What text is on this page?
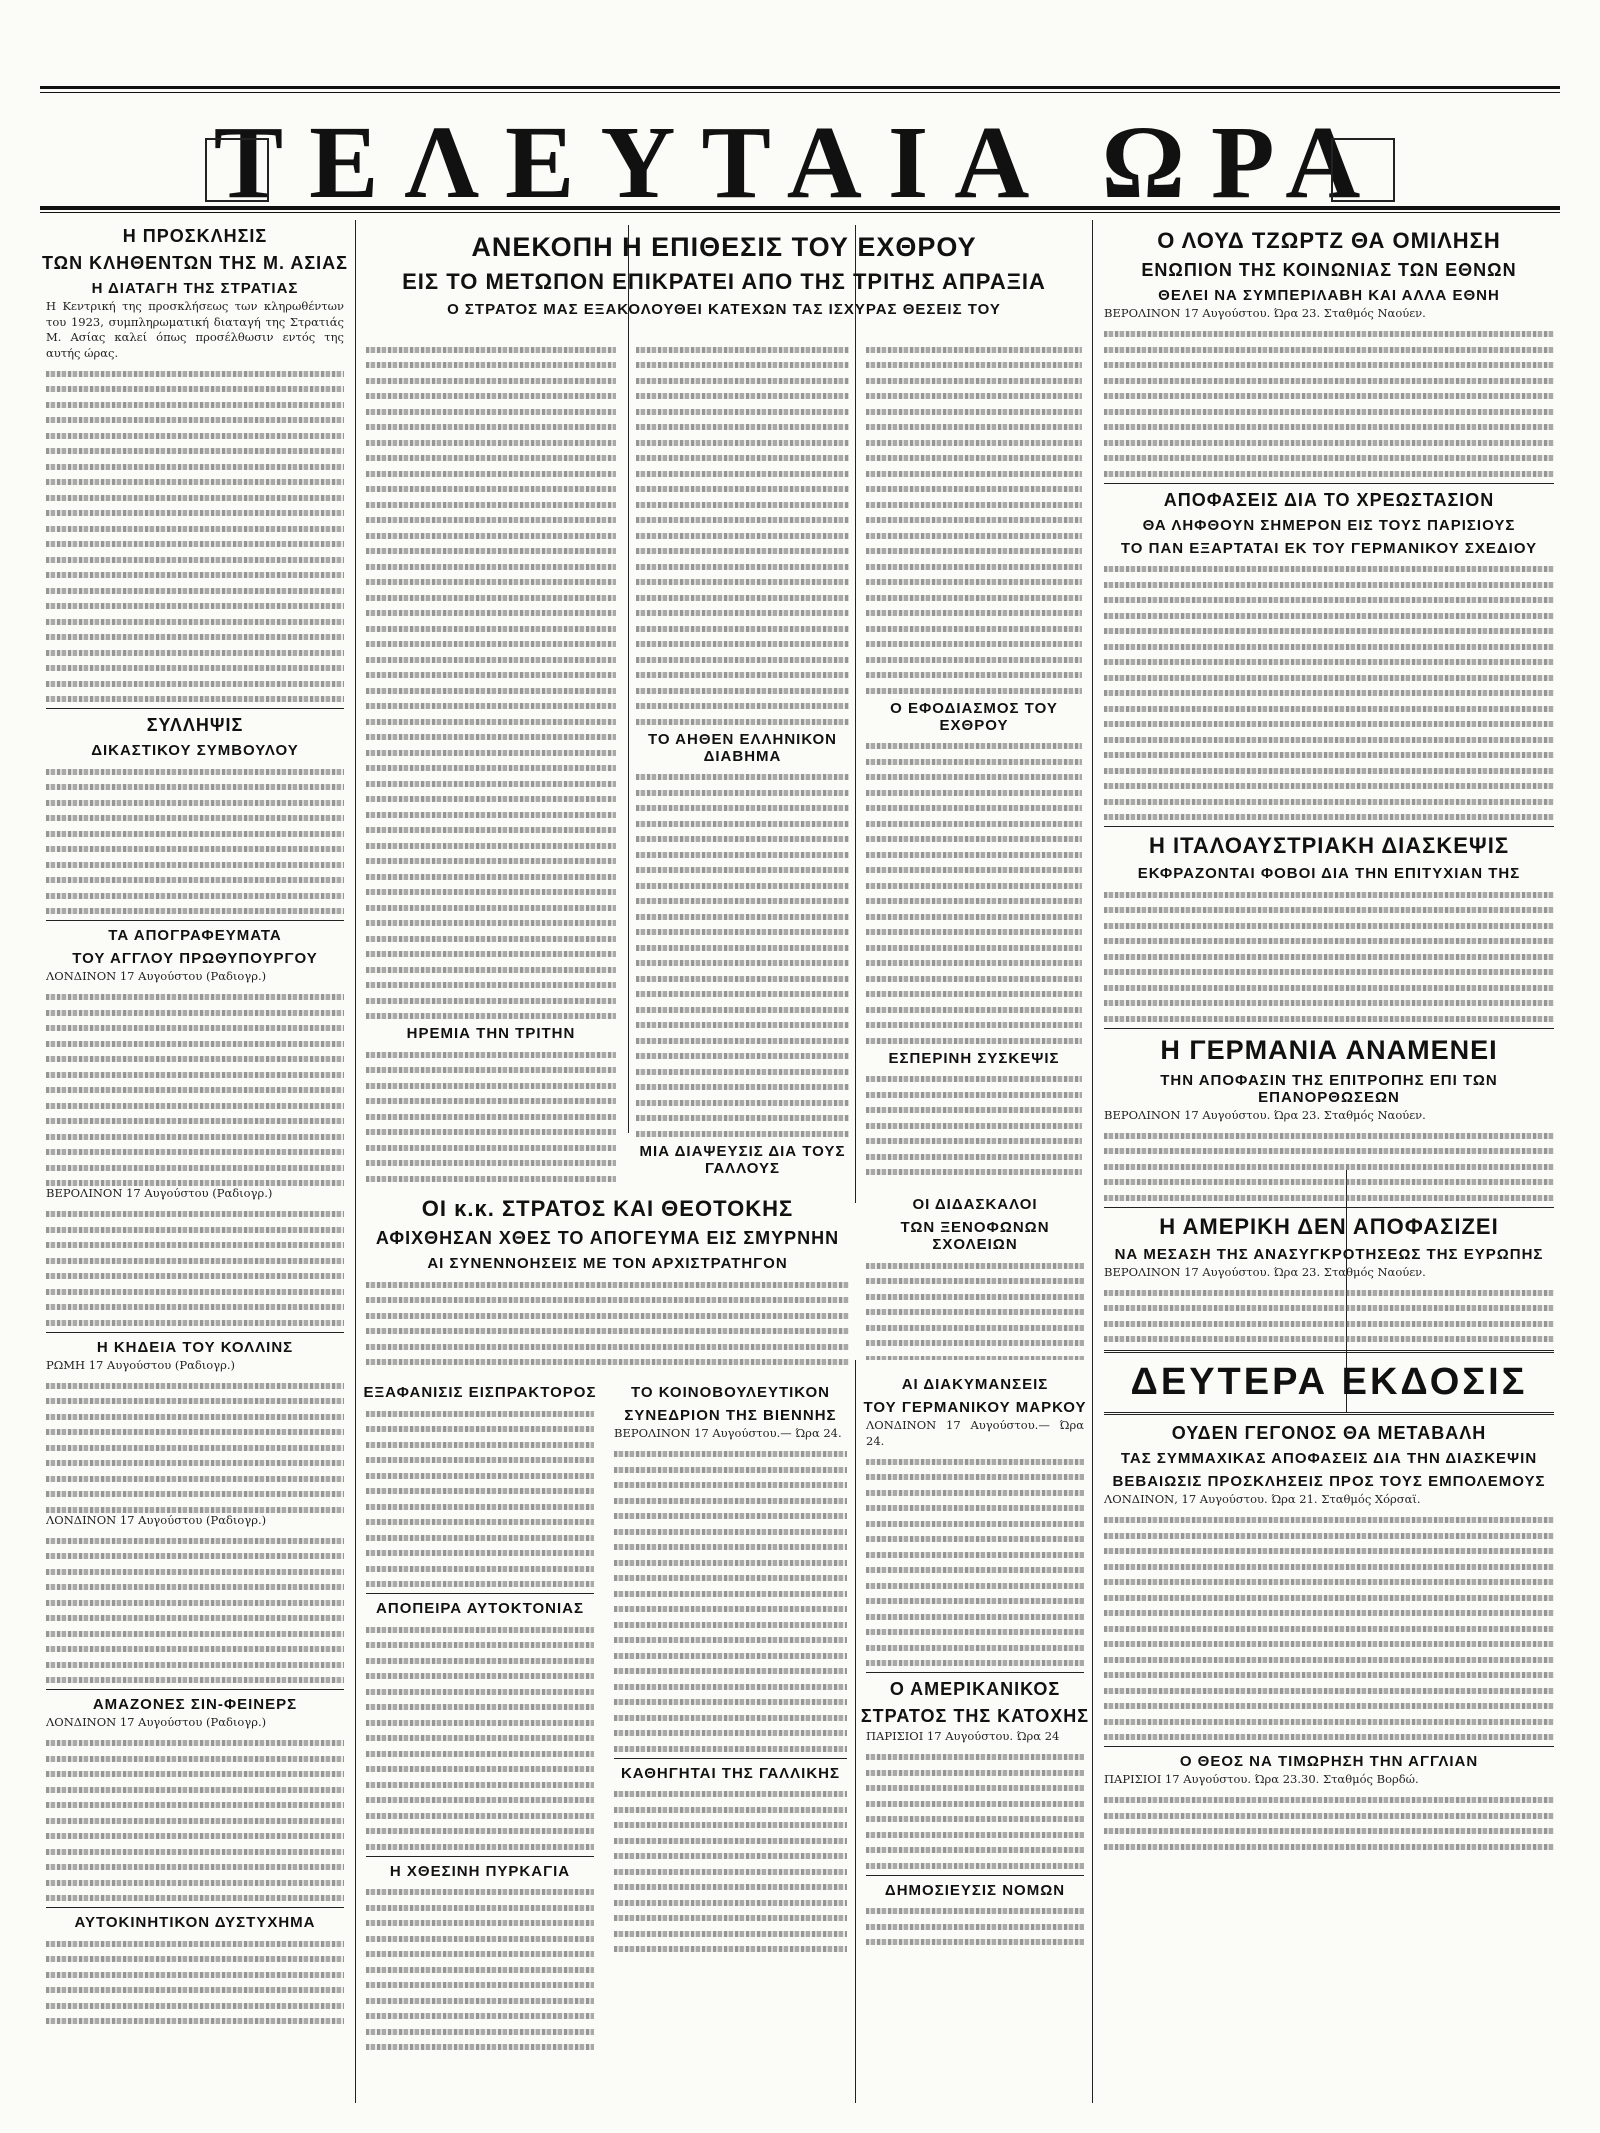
ΤΕΛΕΥΤΑΙΑ ΩΡΑ
Η ΠΡΟΣΚΛΗΣΙΣ
ΤΩΝ ΚΛΗΘΕΝΤΩΝ ΤΗΣ Μ. ΑΣΙΑΣ
Η ΔΙΑΤΑΓΗ ΤΗΣ ΣΤΡΑΤΙΑΣ

Η Κεντρική της προσκλήσεως των κληρωθέντων του 1923, συμπληρωματική διαταγή της Στρατιάς Μ. Ασίας καλεί όπως προσέλθωσιν εντός της αυτής ώρας.

ΣΥΛΛΗΨΙΣ
ΔΙΚΑΣΤΙΚΟΥ ΣΥΜΒΟΥΛΟΥ
ΤΑ ΑΠΟΓΡΑΦΕΥΜΑΤΑ
ΤΟΥ ΑΓΓΛΟΥ ΠΡΩΘΥΠΟΥΡΓΟΥ

ΛΟΝΔΙΝΟΝ 17 Αυγούστου (Ραδιογρ.)

ΒΕΡΟΛΙΝΟΝ 17 Αυγούστου (Ραδιογρ.)

Η ΚΗΔΕΙΑ ΤΟΥ ΚΟΛΛΙΝΣ

ΡΩΜΗ 17 Αυγούστου (Ραδιογρ.)

ΛΟΝΔΙΝΟΝ 17 Αυγούστου (Ραδιογρ.)

ΑΜΑΖΟΝΕΣ ΣΙΝ-ΦΕΙΝΕΡΣ

ΛΟΝΔΙΝΟΝ 17 Αυγούστου (Ραδιογρ.)

ΑΥΤΟΚΙΝΗΤΙΚΟΝ ΔΥΣΤΥΧΗΜΑ
ΑΝΕΚΟΠΗ Η ΕΠΙΘΕΣΙΣ ΤΟΥ ΕΧΘΡΟΥ
ΕΙΣ ΤΟ ΜΕΤΩΠΟΝ ΕΠΙΚΡΑΤΕΙ ΑΠΟ ΤΗΣ ΤΡΙΤΗΣ ΑΠΡΑΞΙΑ
Ο ΣΤΡΑΤΟΣ ΜΑΣ ΕΞΑΚΟΛΟΥΘΕΙ ΚΑΤΕΧΩΝ ΤΑΣ ΙΣΧΥΡΑΣ ΘΕΣΕΙΣ ΤΟΥ
ΗΡΕΜΙΑ ΤΗΝ ΤΡΙΤΗΝ
ΤΟ ΑΗΘΕΝ ΕΛΛΗΝΙΚΟΝ ΔΙΑΒΗΜΑ
ΜΙΑ ΔΙΑΨΕΥΣΙΣ ΔΙΑ ΤΟΥΣ ΓΑΛΛΟΥΣ
Ο ΕΦΟΔΙΑΣΜΟΣ ΤΟΥ ΕΧΘΡΟΥ
ΕΣΠΕΡΙΝΗ ΣΥΣΚΕΨΙΣ
ΟΙ κ.κ. ΣΤΡΑΤΟΣ ΚΑΙ ΘΕΟΤΟΚΗΣ
ΑΦΙΧΘΗΣΑΝ ΧΘΕΣ ΤΟ ΑΠΟΓΕΥΜΑ ΕΙΣ ΣΜΥΡΝΗΝ
ΑΙ ΣΥΝΕΝΝΟΗΣΕΙΣ ΜΕ ΤΟΝ ΑΡΧΙΣΤΡΑΤΗΓΟΝ
ΟΙ ΔΙΔΑΣΚΑΛΟΙ
ΤΩΝ ΞΕΝΟΦΩΝΩΝ ΣΧΟΛΕΙΩΝ
ΕΞΑΦΑΝΙΣΙΣ ΕΙΣΠΡΑΚΤΟΡΟΣ
ΑΠΟΠΕΙΡΑ ΑΥΤΟΚΤΟΝΙΑΣ
Η ΧΘΕΣΙΝΗ ΠΥΡΚΑΓΙΑ
ΤΟ ΚΟΙΝΟΒΟΥΛΕΥΤΙΚΟΝ
ΣΥΝΕΔΡΙΟΝ ΤΗΣ ΒΙΕΝΝΗΣ

ΒΕΡΟΛΙΝΟΝ 17 Αυγούστου.— Ώρα 24.

ΚΑΘΗΓΗΤΑΙ ΤΗΣ ΓΑΛΛΙΚΗΣ
ΑΙ ΔΙΑΚΥΜΑΝΣΕΙΣ
ΤΟΥ ΓΕΡΜΑΝΙΚΟΥ ΜΑΡΚΟΥ

ΛΟΝΔΙΝΟΝ 17 Αυγούστου.— Ώρα 24.

Ο ΑΜΕΡΙΚΑΝΙΚΟΣ
ΣΤΡΑΤΟΣ ΤΗΣ ΚΑΤΟΧΗΣ

ΠΑΡΙΣΙΟΙ 17 Αυγούστου. Ώρα 24

ΔΗΜΟΣΙΕΥΣΙΣ ΝΟΜΩΝ
Ο ΛΟΥΔ ΤΖΩΡΤΖ ΘΑ ΟΜΙΛΗΣΗ
ΕΝΩΠΙΟΝ ΤΗΣ ΚΟΙΝΩΝΙΑΣ ΤΩΝ ΕΘΝΩΝ
ΘΕΛΕΙ ΝΑ ΣΥΜΠΕΡΙΛΑΒΗ ΚΑΙ ΑΛΛΑ ΕΘΝΗ

ΒΕΡΟΛΙΝΟΝ 17 Αυγούστου. Ώρα 23. Σταθμός Ναούεν.

ΑΠΟΦΑΣΕΙΣ ΔΙΑ ΤΟ ΧΡΕΩΣΤΑΣΙΟΝ
ΘΑ ΛΗΦΘΟΥΝ ΣΗΜΕΡΟΝ ΕΙΣ ΤΟΥΣ ΠΑΡΙΣΙΟΥΣ
ΤΟ ΠΑΝ ΕΞΑΡΤΑΤΑΙ ΕΚ ΤΟΥ ΓΕΡΜΑΝΙΚΟΥ ΣΧΕΔΙΟΥ
Η ΙΤΑΛΟΑΥΣΤΡΙΑΚΗ ΔΙΑΣΚΕΨΙΣ
ΕΚΦΡΑΖΟΝΤΑΙ ΦΟΒΟΙ ΔΙΑ ΤΗΝ ΕΠΙΤΥΧΙΑΝ ΤΗΣ
Η ΓΕΡΜΑΝΙΑ ΑΝΑΜΕΝΕΙ
ΤΗΝ ΑΠΟΦΑΣΙΝ ΤΗΣ ΕΠΙΤΡΟΠΗΣ ΕΠΙ ΤΩΝ ΕΠΑΝΟΡΘΩΣΕΩΝ

ΒΕΡΟΛΙΝΟΝ 17 Αυγούστου. Ώρα 23. Σταθμός Ναούεν.

Η ΑΜΕΡΙΚΗ ΔΕΝ ΑΠΟΦΑΣΙΖΕΙ
ΝΑ ΜΕΣΑΣΗ ΤΗΣ ΑΝΑΣΥΓΚΡΟΤΗΣΕΩΣ ΤΗΣ ΕΥΡΩΠΗΣ

ΒΕΡΟΛΙΝΟΝ 17 Αυγούστου. Ώρα 23. Σταθμός Ναούεν.

ΔΕΥΤΕΡΑ ΕΚΔΟΣΙΣ
ΟΥΔΕΝ ΓΕΓΟΝΟΣ ΘΑ ΜΕΤΑΒΑΛΗ
ΤΑΣ ΣΥΜΜΑΧΙΚΑΣ ΑΠΟΦΑΣΕΙΣ ΔΙΑ ΤΗΝ ΔΙΑΣΚΕΨΙΝ
ΒΕΒΑΙΩΣΙΣ ΠΡΟΣΚΛΗΣΕΙΣ ΠΡΟΣ ΤΟΥΣ ΕΜΠΟΛΕΜΟΥΣ

ΛΟΝΔΙΝΟΝ, 17 Αυγούστου. Ώρα 21. Σταθμός Χόρσαϊ.

Ο ΘΕΟΣ ΝΑ ΤΙΜΩΡΗΣΗ ΤΗΝ ΑΓΓΛΙΑΝ

ΠΑΡΙΣΙΟΙ 17 Αυγούστου. Ώρα 23.30. Σταθμός Βορδώ.
